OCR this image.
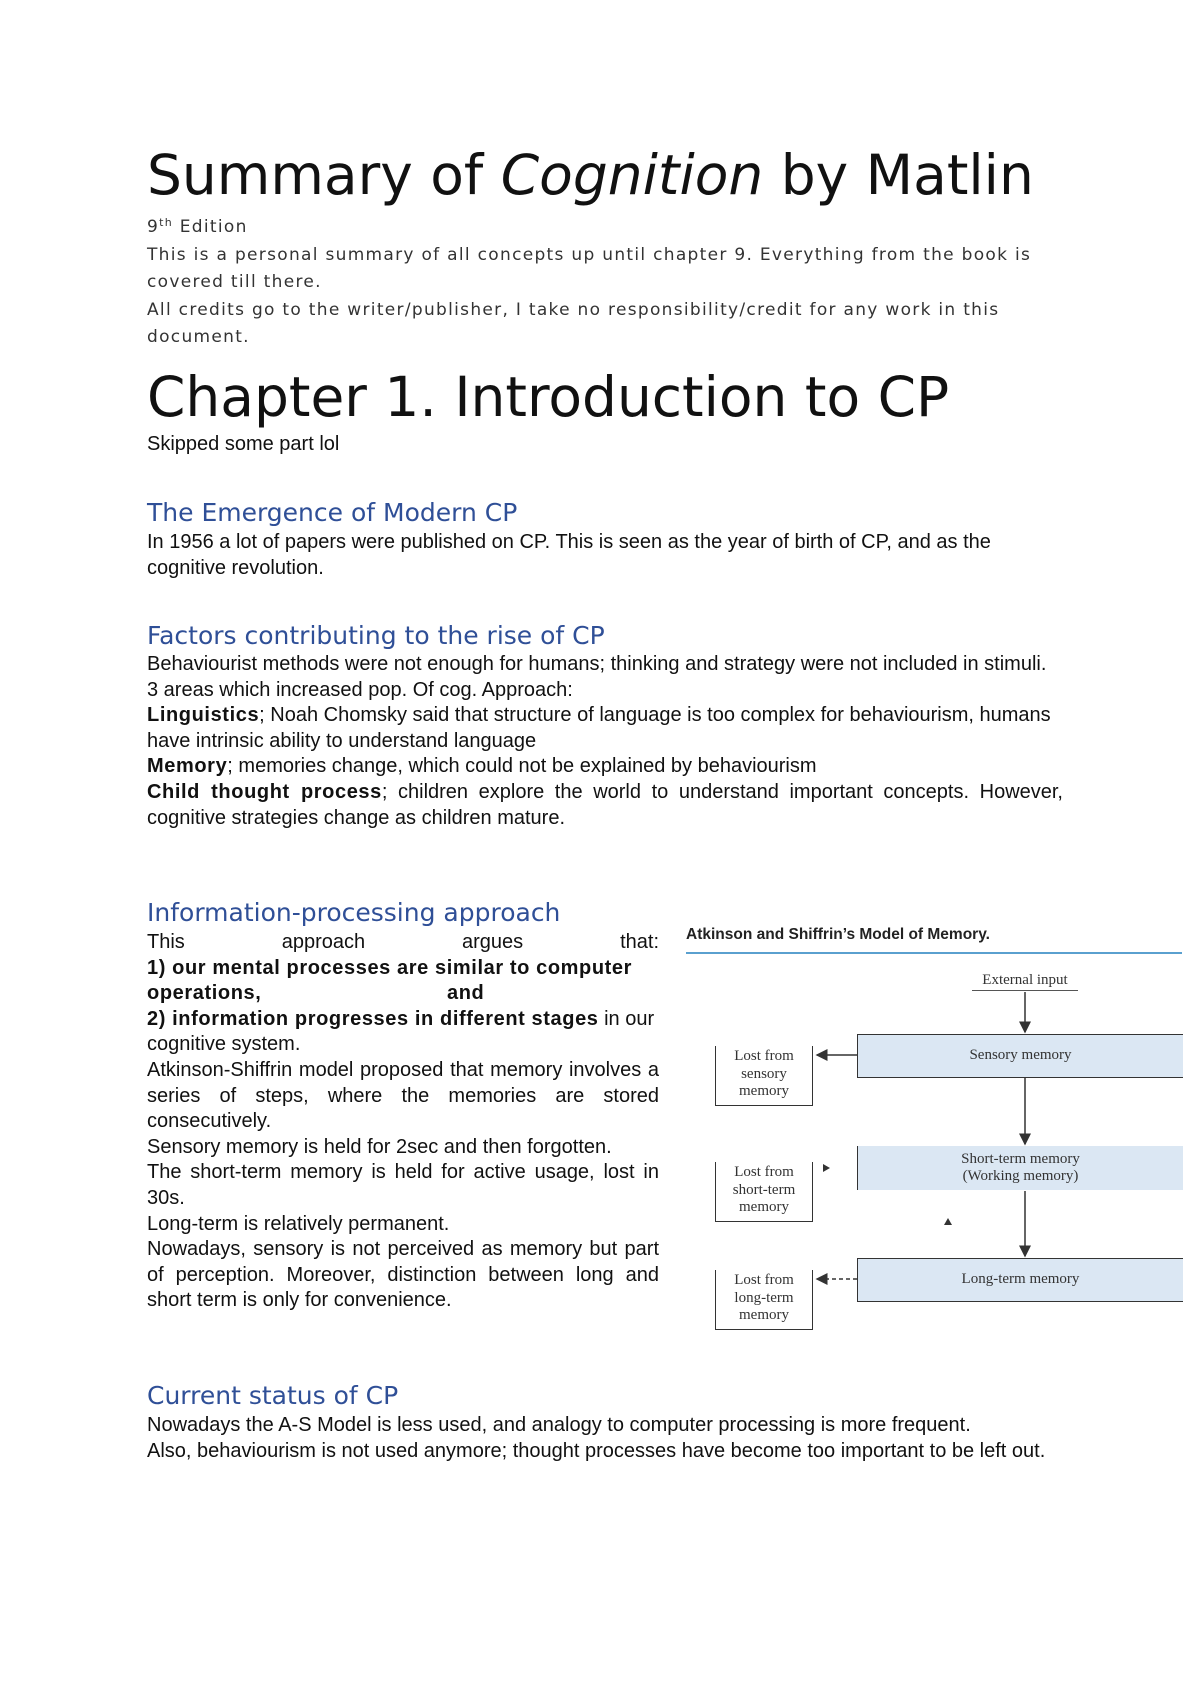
Summary of Cognition by Matlin

9th Edition

This is a personal summary of all concepts up until chapter 9. Everything from the book is covered till there.

All credits go to the writer/publisher, I take no responsibility/credit for any work in this document.

Chapter 1. Introduction to CP

Skipped some part lol

The Emergence of Modern CP

In 1956 a lot of papers were published on CP. This is seen as the year of birth of CP, and as the cognitive revolution.

Factors contributing to the rise of CP

Behaviourist methods were not enough for humans; thinking and strategy were not included in stimuli.

3 areas which increased pop. Of cog. Approach:

Linguistics; Noah Chomsky said that structure of language is too complex for behaviourism, humans have intrinsic ability to understand language

Memory; memories change, which could not be explained by behaviourism

Child thought process; children explore the world to understand important concepts. However, cognitive strategies change as children mature.

Information-processing approach

This approach argues that:

1) our mental processes are similar to computer

operations,	and

2) information progresses in different stages in our cognitive system.

Atkinson-Shiffrin model proposed that memory involves a series of steps, where the memories are stored consecutively.

Sensory memory is held for 2sec and then forgotten.

The short-term memory is held for active usage, lost in 30s.

Long-term is relatively permanent.

Nowadays, sensory is not perceived as memory but part of perception. Moreover, distinction between long and short term is only for convenience.

Atkinson and Shiffrin’s Model of Memory.

External input
Sensory memory
Short-term memory
(Working memory)
Long-term memory
Lost from
sensory
memory
Lost from
short-term
memory
Lost from
long-term
memory
Current status of CP

Nowadays the A-S Model is less used, and analogy to computer processing is more frequent.

Also, behaviourism is not used anymore; thought processes have become too important to be left out.
